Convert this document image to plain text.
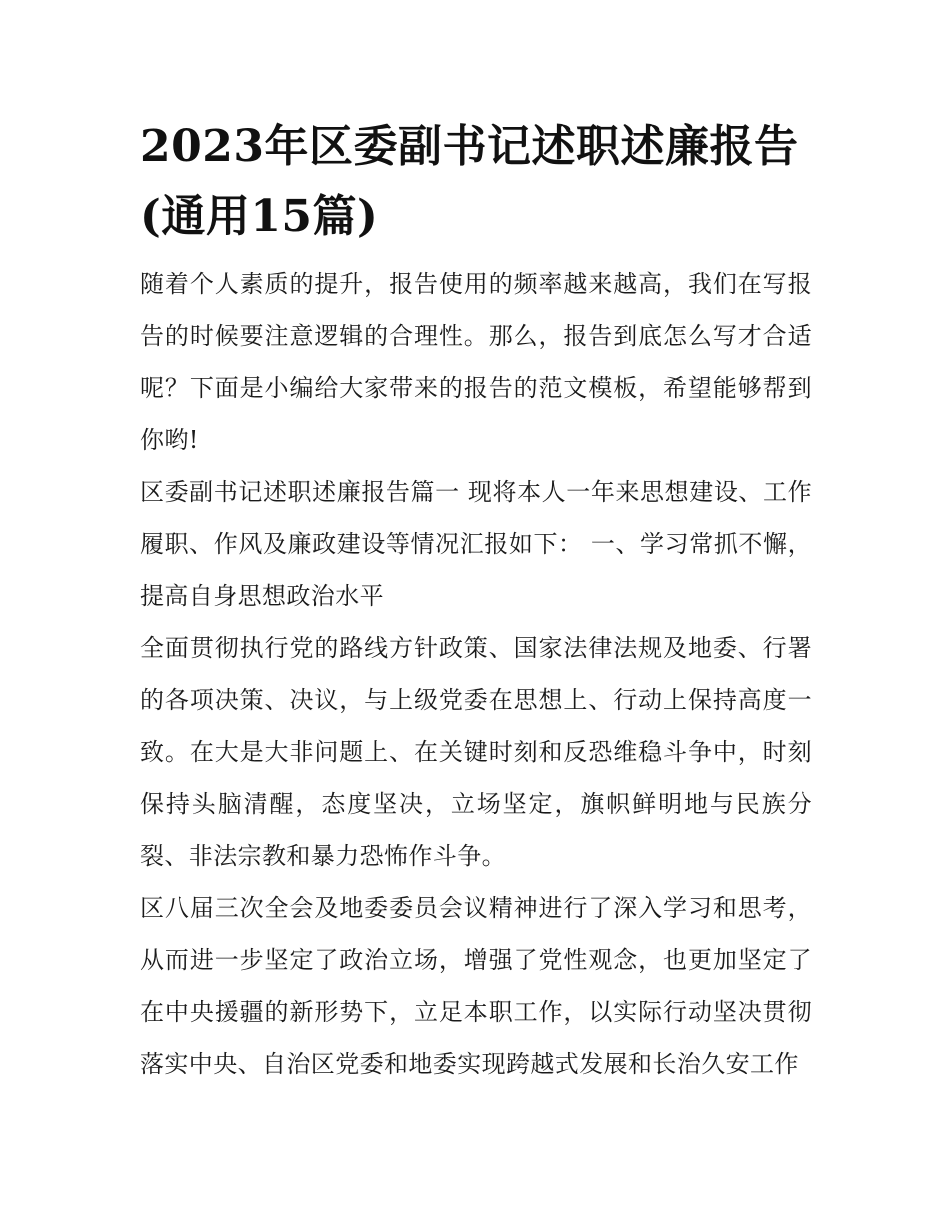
2023年区委副书记述职述廉报告(通用15篇)

随着个人素质的提升，报告使用的频率越来越高，我们在写报告的时候要注意逻辑的合理性。那么，报告到底怎么写才合适呢？下面是小编给大家带来的报告的范文模板，希望能够帮到你哟!

区委副书记述职述廉报告篇一 现将本人一年来思想建设、工作履职、作风及廉政建设等情况汇报如下： 一、学习常抓不懈，提高自身思想政治水平

全面贯彻执行党的路线方针政策、国家法律法规及地委、行署的各项决策、决议，与上级党委在思想上、行动上保持高度一致。在大是大非问题上、在关键时刻和反恐维稳斗争中，时刻保持头脑清醒，态度坚决，立场坚定，旗帜鲜明地与民族分裂、非法宗教和暴力恐怖作斗争。

区八届三次全会及地委委员会议精神进行了深入学习和思考，从而进一步坚定了政治立场，增强了党性观念，也更加坚定了在中央援疆的新形势下，立足本职工作，以实际行动坚决贯彻落实中央、自治区党委和地委实现跨越式发展和长治久安工作
